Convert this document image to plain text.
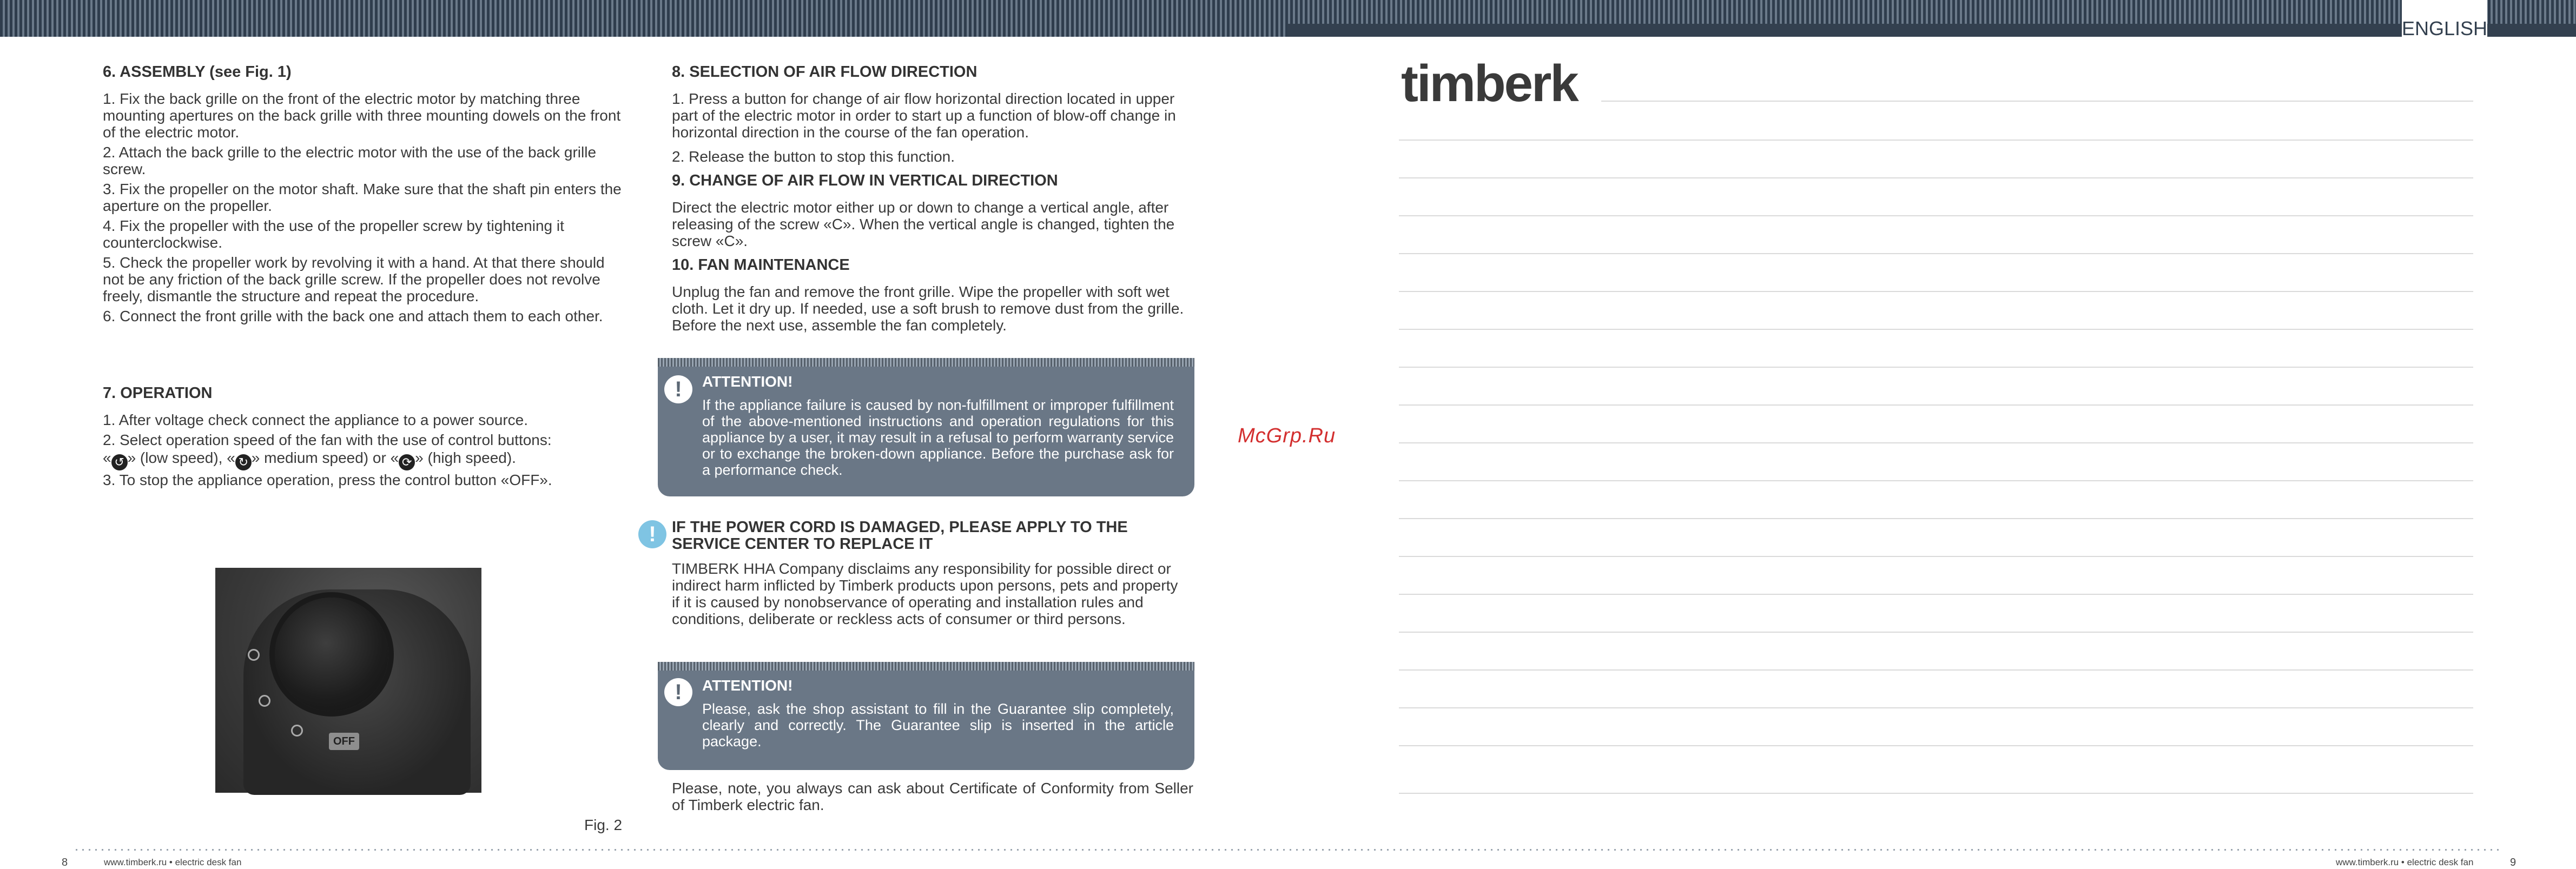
ENGLISH
6. ASSEMBLY (see Fig. 1)

1. Fix the back grille on the front of the electric motor by matching three mounting apertures on the back grille with three mounting dowels on the front of the electric motor.

2. Attach the back grille to the electric motor with the use of the back grille screw.

3. Fix the propeller on the motor shaft. Make sure that the shaft pin enters the aperture on the propeller.

4. Fix the propeller with the use of the propeller screw by tightening it counterclockwise.

5. Check the propeller work by revolving it with a hand. At that there should not be any friction of the back grille screw. If the propeller does not revolve freely, dismantle the structure and repeat the procedure.

6. Connect the front grille with the back one and attach them to each other.

7. OPERATION

1. After voltage check connect the appliance to a power source.

2. Select operation speed of the fan with the use of control buttons:

« ↺ » (low speed), « ↻ » medium speed) or « ⟳ » (high speed).

3. To stop the appliance operation, press the control button «OFF».

OFF
Fig. 2
8. SELECTION OF AIR FLOW DIRECTION

1. Press a button for change of air flow horizontal direction located in upper part of the electric motor in order to start up a function of blow-off change in horizontal direction in the course of the fan operation.

2. Release the button to stop this function.

9. CHANGE OF AIR FLOW IN VERTICAL DIRECTION

Direct the electric motor either up or down to change a vertical angle, after releasing of the screw «C». When the vertical angle is changed, tighten the screw «C».

10. FAN MAINTENANCE

Unplug the fan and remove the front grille. Wipe the propeller with soft wet cloth. Let it dry up. If needed, use a soft brush to remove dust from the grille. Before the next use, assemble the fan completely.

!	ATTENTION!
If the appliance failure is caused by non-fulfillment or improper fulfillment of the above-mentioned instructions and operation regulations for this appliance by a user, it may result in a refusal to perform warranty service or to exchange the broken-down appliance. Before the purchase ask for a performance check.
!	IF THE POWER CORD IS DAMAGED, PLEASE APPLY TO THE SERVICE CENTER TO REPLACE IT

TIMBERK HHA Company disclaims any responsibility for possible direct or indirect harm inflicted by Timberk products upon persons, pets and property if it is caused by nonobservance of operating and installation rules and conditions, deliberate or reckless acts of consumer or third persons.

!	ATTENTION!
Please, ask the shop assistant to fill in the Guarantee slip completely, clearly and correctly. The Guarantee slip is inserted in the article package.
Please, note, you always can ask about Certificate of Conformity from Seller of Timberk electric fan.
McGrp.Ru
timberk
8	www.timberk.ru • electric desk fan	www.timberk.ru • electric desk fan	9
